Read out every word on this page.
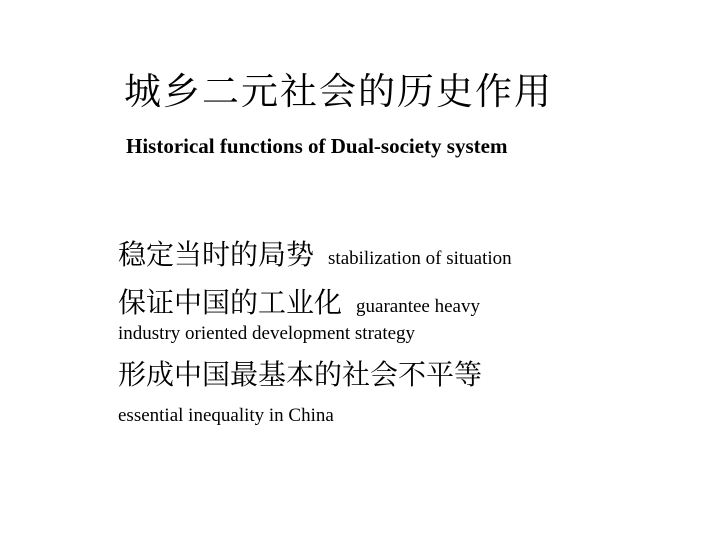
城乡二元社会的历史作用
Historical functions of Dual-society system
稳定当时的局势 stabilization of situation
保证中国的工业化 guarantee heavy
industry oriented development strategy
形成中国最基本的社会不平等
essential inequality in China
